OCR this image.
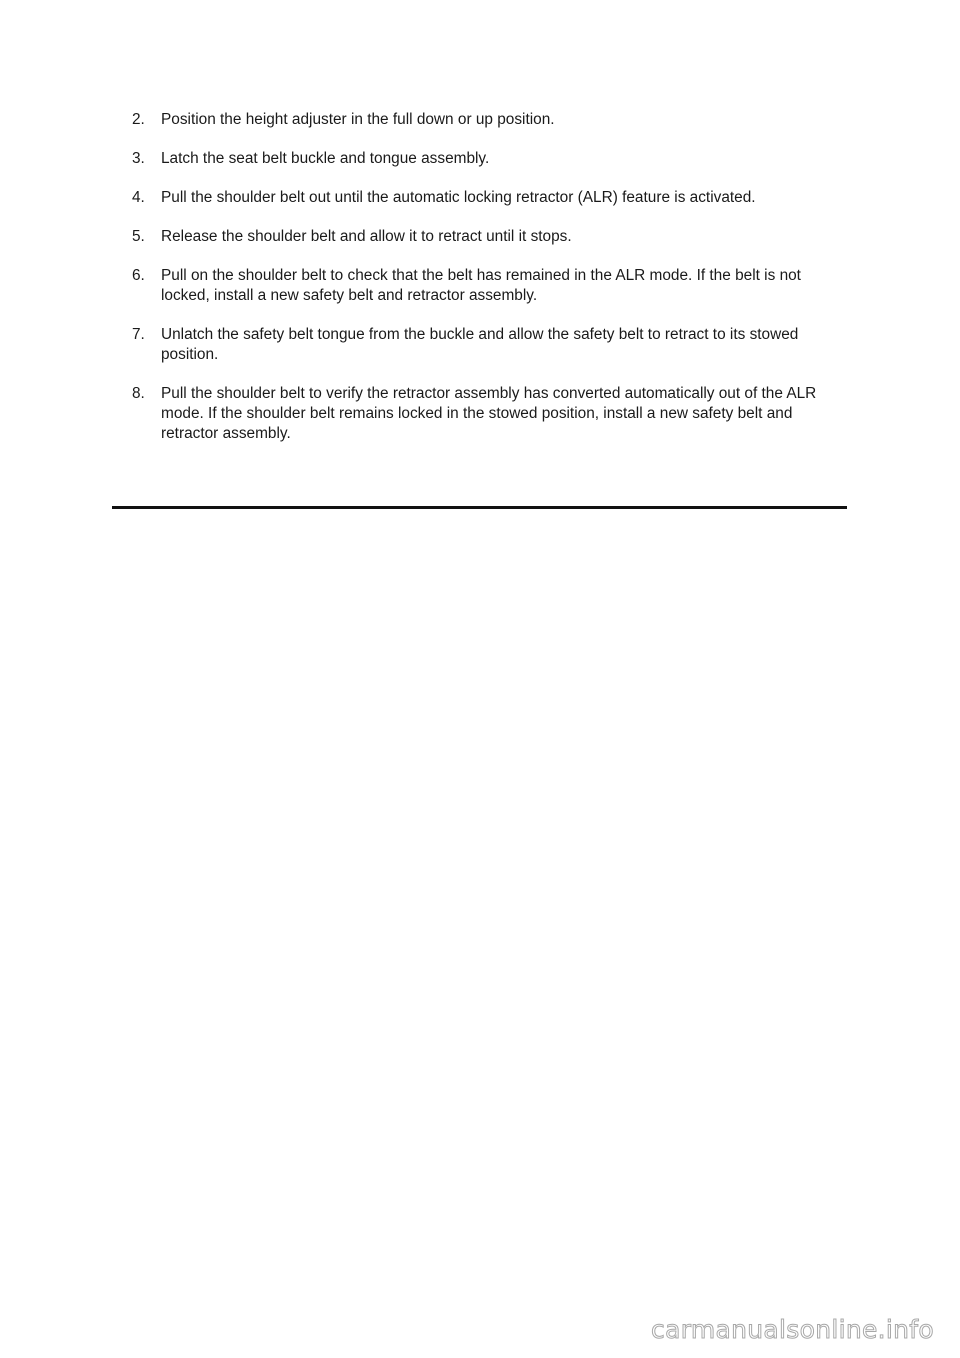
2.	Position the height adjuster in the full down or up position.
3.	Latch the seat belt buckle and tongue assembly.
4.	Pull the shoulder belt out until the automatic locking retractor (ALR) feature is activated.
5.	Release the shoulder belt and allow it to retract until it stops.
6.	Pull on the shoulder belt to check that the belt has remained in the ALR mode. If the belt is not locked, install a new safety belt and retractor assembly.
7.	Unlatch the safety belt tongue from the buckle and allow the safety belt to retract to its stowed position.
8.	Pull the shoulder belt to verify the retractor assembly has converted automatically out of the ALR mode. If the shoulder belt remains locked in the stowed position, install a new safety belt and retractor assembly.
carmanualsonline.info
